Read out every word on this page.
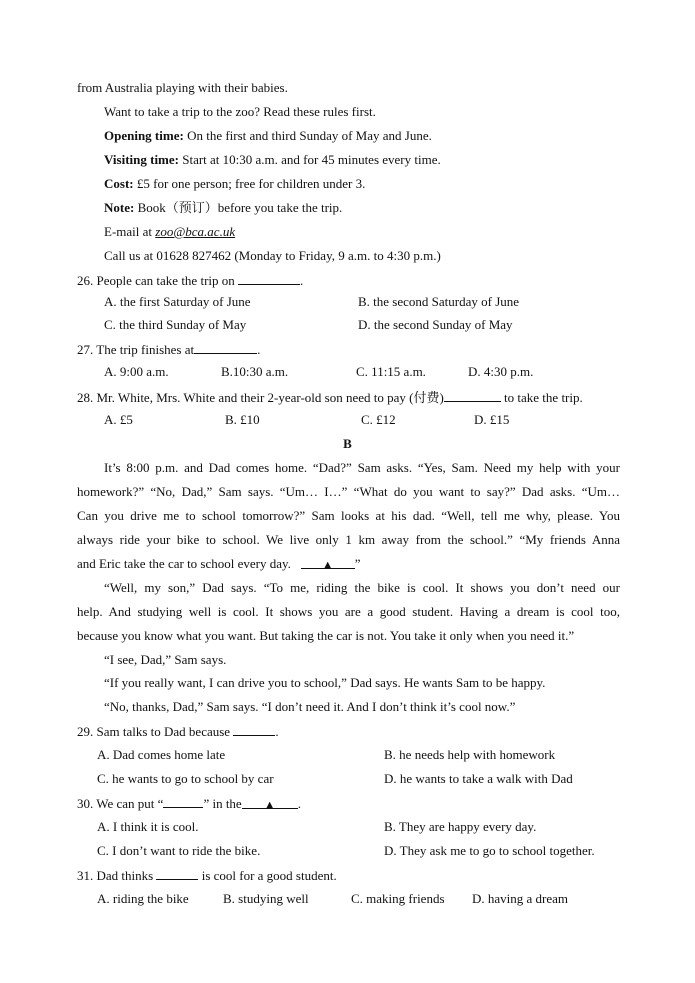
from Australia playing with their babies.
Want to take a trip to the zoo? Read these rules first.
Opening time: On the first and third Sunday of May and June.
Visiting time: Start at 10:30 a.m. and for 45 minutes every time.
Cost: £5 for one person; free for children under 3.
Note: Book（预订）before you take the trip.
E-mail at zoo@bca.ac.uk
Call us at 01628 827462 (Monday to Friday, 9 a.m. to 4:30 p.m.)
26. People can take the trip on	.
A. the first Saturday of June	B. the second Saturday of June
C. the third Sunday of May	D. the second Sunday of May
27. The trip finishes at	.
A. 9:00 a.m.	B.10:30 a.m.	C. 11:15 a.m.	D. 4:30 p.m.
28. Mr. White, Mrs. White and their 2-year-old son need to pay (付费)	to take the trip.
A. £5	B. £10	C. £12	D. £15
B
It’s 8:00 p.m. and Dad comes home. “Dad?” Sam asks. “Yes, Sam. Need my help with your
homework?” “No, Dad,” Sam says. “Um… I…” “What do you want to say?” Dad asks. “Um…
Can you drive me to school tomorrow?” Sam looks at his dad. “Well, tell me why, please. You
always ride your bike to school. We live only 1 km away from the school.” “My friends Anna
and Eric take the car to school every day.	▲ ”
“Well, my son,” Dad says. “To me, riding the bike is cool. It shows you don’t need our
help. And studying well is cool. It shows you are a good student. Having a dream is cool too,
because you know what you want. But taking the car is not. You take it only when you need it.”
“I see, Dad,” Sam says.
“If you really want, I can drive you to school,” Dad says. He wants Sam to be happy.
“No, thanks, Dad,” Sam says. “I don’t need it. And I don’t think it’s cool now.”
29. Sam talks to Dad because	.
A. Dad comes home late	B. he needs help with homework
C. he wants to go to school by car	D. he wants to take a walk with Dad
30. We can put “	” in the ▲ .
A. I think it is cool.	B. They are happy every day.
C. I don’t want to ride the bike.	D. They ask me to go to school together.
31. Dad thinks	is cool for a good student.
A. riding the bike	B. studying well	C. making friends D. having a dream
